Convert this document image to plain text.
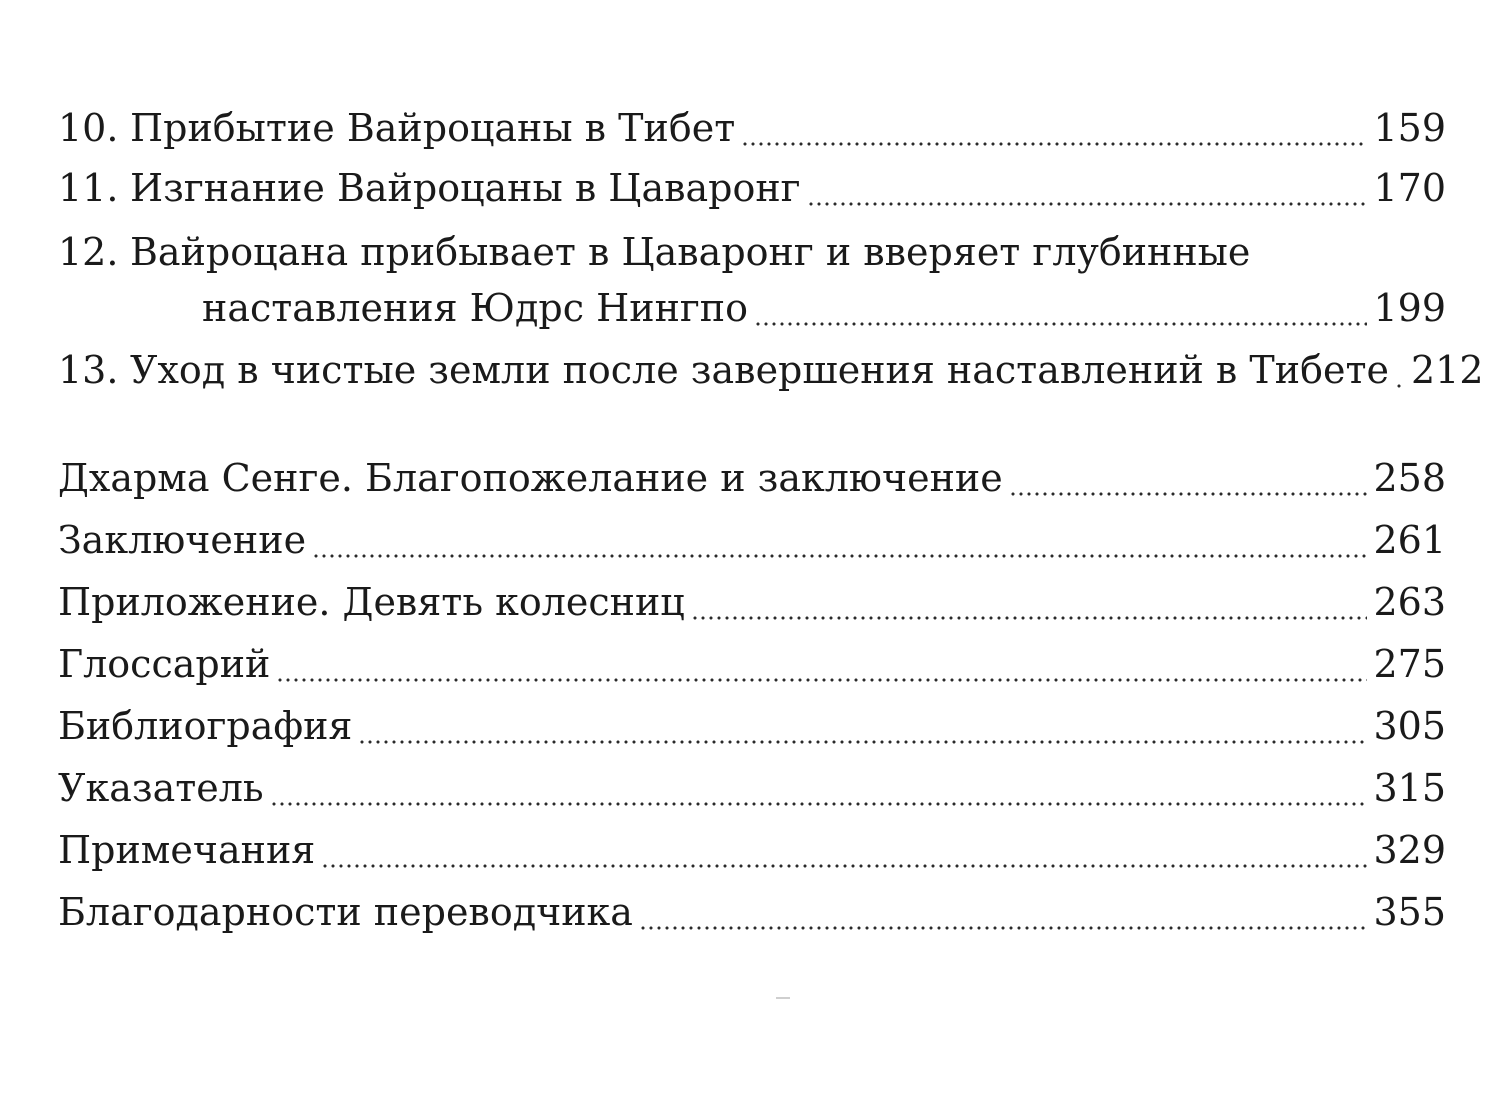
10. Прибытие Вайроцаны в Тибет	159
11. Изгнание Вайроцаны в Цаваронг	170
12. Вайроцана прибывает в Цаваронг и вверяет глубинные
наставления Юдрс Нингпо	199
13. Уход в чистые земли после завершения наставлений в Тибете 212
Дхарма Сенге. Благопожелание и заключение	258
Заключение	261
Приложение. Девять колесниц	263
Глоссарий	275
Библиография	305
Указатель	315
Примечания	329
Благодарности переводчика	355
